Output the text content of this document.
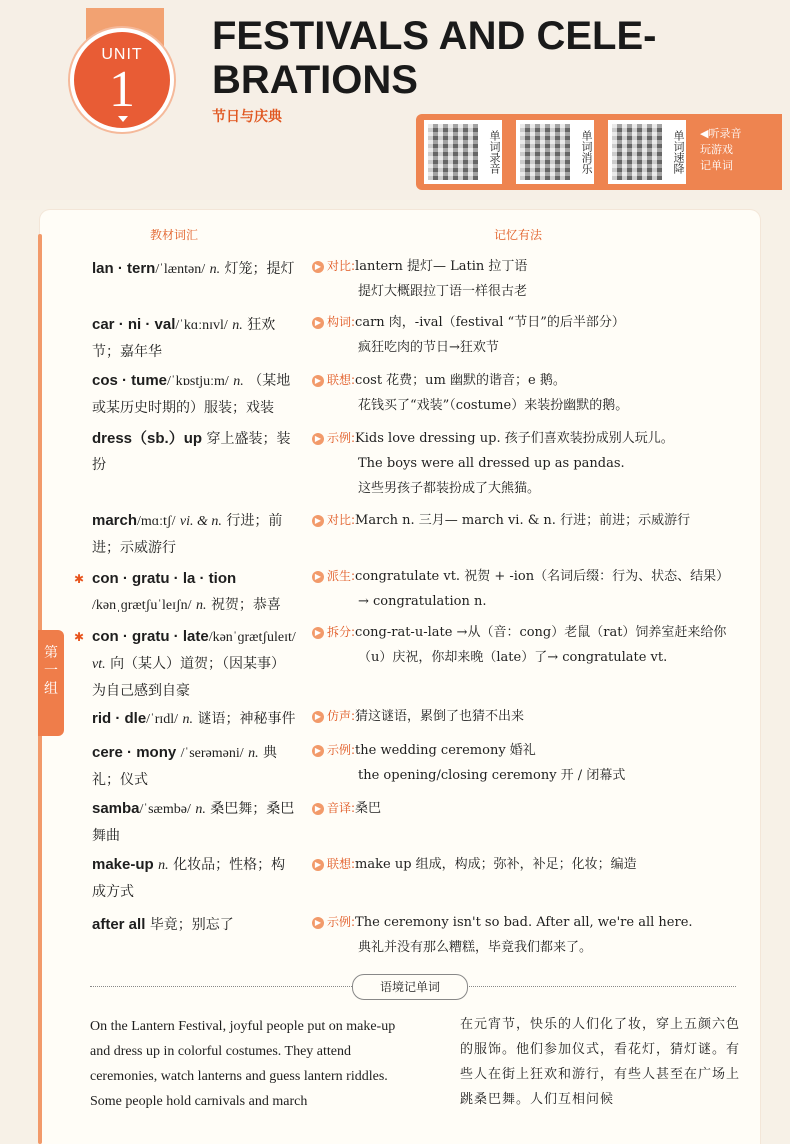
UNIT
1
FESTIVALS AND CELE-
BRATIONS
节日与庆典
单词录音	单词消乐	单词速降 ◀听录音
玩游戏
记单词
教材词汇	记忆有法
第
一
组
lan · tern/ˈlæntən/ n. 灯笼；提灯	▶ 对比:lantern 提灯— Latin 拉丁语
提灯大概跟拉丁语一样很古老
car · ni · val/ˈkɑːnɪvl/ n. 狂欢节；嘉年华
▶ 构词:carn 肉，-ival（festival “节日”的后半部分）
疯狂吃肉的节日→狂欢节
cos · tume/ˈkɒstjuːm/ n. （某地或某历史时期的）服装；戏装
▶ 联想:cost 花费；um 幽默的谐音；e 鹅。
花钱买了“戏装”（costume）来装扮幽默的鹅。
dress（sb.）up 穿上盛装；装扮
▶ 示例:Kids love dressing up. 孩子们喜欢装扮成别人玩儿。
The boys were all dressed up as pandas.
这些男孩子都装扮成了大熊猫。
march/mɑːtʃ/ vi. & n. 行进；前进；示威游行
▶ 对比:March n. 三月— march vi. & n. 行进；前进；示威游行
✱ con · gratu · la · tion
/kənˌɡrætʃuˈleɪʃn/ n. 祝贺；恭喜
▶ 派生:congratulate vt. 祝贺 + -ion（名词后缀：行为、状态、结果）
→ congratulation n.
✱ con · gratu · late/kənˈɡrætʃuleɪt/ vt. 向（某人）道贺；（因某事）为自己感到自豪
▶ 拆分:cong-rat-u-late →从（音：cong）老鼠（rat）饲养室赶来给你
（u）庆祝，你却来晚（late）了→ congratulate vt.
rid · dle/ˈrɪdl/ n. 谜语；神秘事件	▶ 仿声:猜这谜语，累倒了也猜不出来
cere · mony /ˈserəməni/ n. 典礼；仪式
▶ 示例:the wedding ceremony 婚礼
the opening/closing ceremony 开 / 闭幕式
samba/ˈsæmbə/ n. 桑巴舞；桑巴舞曲
▶ 音译:桑巴
make-up n. 化妆品；性格；构成方式
▶ 联想:make up 组成，构成；弥补，补足；化妆；编造
after all 毕竟；别忘了	▶ 示例:The ceremony isn't so bad. After all, we're all here.
典礼并没有那么糟糕，毕竟我们都来了。
语境记单词
On the Lantern Festival, joyful people put on make-up and dress up in colorful costumes. They attend ceremonies, watch lanterns and guess lantern riddles. Some people hold carnivals and march
在元宵节，快乐的人们化了妆，穿上五颜六色的服饰。他们参加仪式，看花灯，猜灯谜。有些人在街上狂欢和游行，有些人甚至在广场上跳桑巴舞。人们互相问候
